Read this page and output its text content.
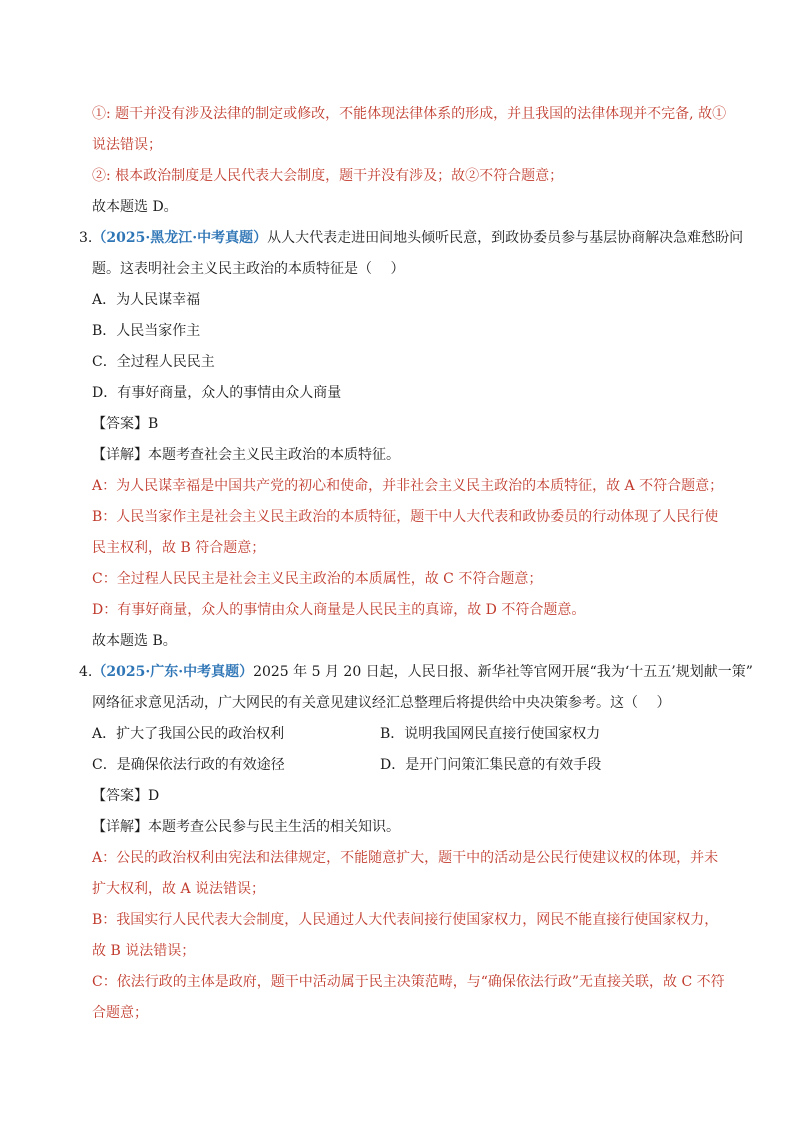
①: 题干并没有涉及法律的制定或修改，不能体现法律体系的形成，并且我国的法律体现并不完备, 故①
说法错误；
②: 根本政治制度是人民代表大会制度，题干并没有涉及；故②不符合题意；
故本题选 D。
3.（2025·黑龙江·中考真题）从人大代表走进田间地头倾听民意，到政协委员参与基层协商解决急难愁盼问
题。这表明社会主义民主政治的本质特征是（　 ）
A．为人民谋幸福
B．人民当家作主
C．全过程人民民主
D．有事好商量，众人的事情由众人商量
【答案】B
【详解】本题考查社会主义民主政治的本质特征。
A：为人民谋幸福是中国共产党的初心和使命，并非社会主义民主政治的本质特征，故 A 不符合题意；
B：人民当家作主是社会主义民主政治的本质特征，题干中人大代表和政协委员的行动体现了人民行使
民主权利，故 B 符合题意；
C：全过程人民民主是社会主义民主政治的本质属性，故 C 不符合题意；
D：有事好商量，众人的事情由众人商量是人民民主的真谛，故 D 不符合题意。
故本题选 B。
4.（2025·广东·中考真题）2025 年 5 月 20 日起，人民日报、新华社等官网开展“我为‘十五五’规划献一策”
网络征求意见活动，广大网民的有关意见建议经汇总整理后将提供给中央决策参考。这（　 ）
A．扩大了我国公民的政治权利	B．说明我国网民直接行使国家权力
C．是确保依法行政的有效途径	D．是开门问策汇集民意的有效手段
【答案】D
【详解】本题考查公民参与民主生活的相关知识。
A：公民的政治权利由宪法和法律规定，不能随意扩大，题干中的活动是公民行使建议权的体现，并未
扩大权利，故 A 说法错误；
B：我国实行人民代表大会制度，人民通过人大代表间接行使国家权力，网民不能直接行使国家权力，
故 B 说法错误；
C：依法行政的主体是政府，题干中活动属于民主决策范畴，与“确保依法行政”无直接关联，故 C 不符
合题意；
